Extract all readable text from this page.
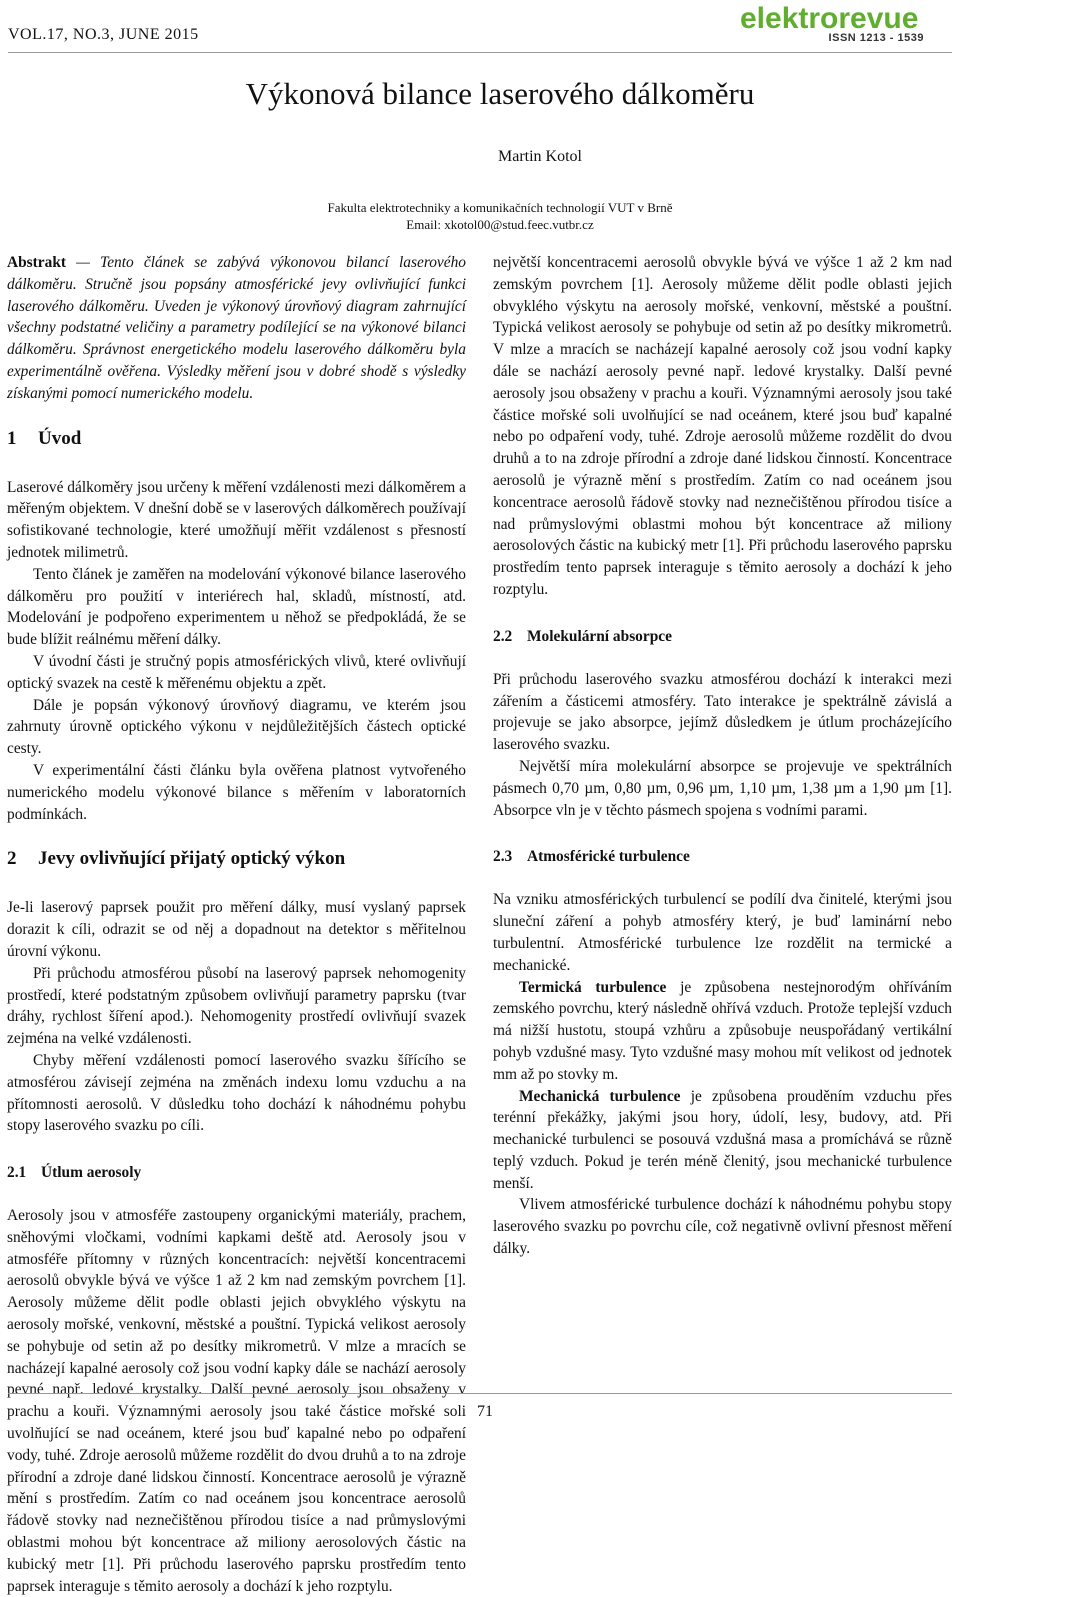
VOL.17, NO.3, JUNE 2015	elektrorevue
ISSN 1213 - 1539
Výkonová bilance laserového dálkoměru
Martin Kotol
Fakulta elektrotechniky a komunikačních technologií VUT v Brně
Email: xkotol00@stud.feec.vutbr.cz

Abstrakt — Tento článek se zabývá výkonovou bilancí laserového dálkoměru. Stručně jsou popsány atmosférické jevy ovlivňující funkci laserového dálkoměru. Uveden je výkonový úrovňový diagram zahrnující všechny podstatné veličiny a parametry podílející se na výkonové bilanci dálkoměru. Správnost energetického modelu laserového dálkoměru byla experimentálně ověřena. Výsledky měření jsou v dobré shodě s výsledky získanými pomocí numerického modelu.

1 Úvod

Laserové dálkoměry jsou určeny k měření vzdálenosti mezi dálkoměrem a měřeným objektem. V dnešní době se v laserových dálkoměrech používají sofistikované technologie, které umožňují měřit vzdálenost s přesností jednotek milimetrů.

Tento článek je zaměřen na modelování výkonové bilance laserového dálkoměru pro použití v interiérech hal, skladů, místností, atd. Modelování je podpořeno experimentem u něhož se předpokládá, že se bude blížit reálnému měření dálky.

V úvodní části je stručný popis atmosférických vlivů, které ovlivňují optický svazek na cestě k měřenému objektu a zpět.

Dále je popsán výkonový úrovňový diagramu, ve kterém jsou zahrnuty úrovně optického výkonu v nejdůležitějších částech optické cesty.

V experimentální části článku byla ověřena platnost vytvořeného numerického modelu výkonové bilance s měřením v laboratorních podmínkách.

2 Jevy ovlivňující přijatý optický výkon

Je-li laserový paprsek použit pro měření dálky, musí vyslaný paprsek dorazit k cíli, odrazit se od něj a dopadnout na detektor s měřitelnou úrovní výkonu.

Při průchodu atmosférou působí na laserový paprsek nehomogenity prostředí, které podstatným způsobem ovlivňují parametry paprsku (tvar dráhy, rychlost šíření apod.). Nehomogenity prostředí ovlivňují svazek zejména na velké vzdálenosti.

Chyby měření vzdálenosti pomocí laserového svazku šířícího se atmosférou závisejí zejména na změnách indexu lomu vzduchu a na přítomnosti aerosolů. V důsledku toho dochází k náhodnému pohybu stopy laserového svazku po cíli.

2.1 Útlum aerosoly

Aerosoly jsou v atmosféře zastoupeny organickými materiály, prachem, sněhovými vločkami, vodními kapkami deště atd. Aerosoly jsou v atmosféře přítomny v různých koncentracích: největší koncentracemi aerosolů obvykle bývá ve výšce 1 až 2 km nad zemským povrchem [1]. Aerosoly můžeme dělit podle oblasti jejich obvyklého výskytu na aerosoly mořské, venkovní, městské a pouštní. Typická velikost aerosoly se pohybuje od setin až po desítky mikrometrů. V mlze a mracích se nacházejí kapalné aerosoly což jsou vodní kapky dále se nachází aerosoly pevné např. ledové krystalky. Další pevné aerosoly jsou obsaženy v prachu a kouři. Významnými aerosoly jsou také částice mořské soli uvolňující se nad oceánem, které jsou buď kapalné nebo po odpaření vody, tuhé. Zdroje aerosolů můžeme rozdělit do dvou druhů a to na zdroje přírodní a zdroje dané lidskou činností. Koncentrace aerosolů je výrazně mění s prostředím. Zatím co nad oceánem jsou koncentrace aerosolů řádově stovky nad neznečištěnou přírodou tisíce a nad průmyslovými oblastmi mohou být koncentrace až miliony aerosolových částic na kubický metr [1]. Při průchodu laserového paprsku prostředím tento paprsek interaguje s těmito aerosoly a dochází k jeho rozptylu.

největší koncentracemi aerosolů obvykle bývá ve výšce 1 až 2 km nad zemským povrchem [1]. Aerosoly můžeme dělit podle oblasti jejich obvyklého výskytu na aerosoly mořské, venkovní, městské a pouštní. Typická velikost aerosoly se pohybuje od setin až po desítky mikrometrů. V mlze a mracích se nacházejí kapalné aerosoly což jsou vodní kapky dále se nachází aerosoly pevné např. ledové krystalky. Další pevné aerosoly jsou obsaženy v prachu a kouři. Významnými aerosoly jsou také částice mořské soli uvolňující se nad oceánem, které jsou buď kapalné nebo po odpaření vody, tuhé. Zdroje aerosolů můžeme rozdělit do dvou druhů a to na zdroje přírodní a zdroje dané lidskou činností. Koncentrace aerosolů je výrazně mění s prostředím. Zatím co nad oceánem jsou koncentrace aerosolů řádově stovky nad neznečištěnou přírodou tisíce a nad průmyslovými oblastmi mohou být koncentrace až miliony aerosolových částic na kubický metr [1]. Při průchodu laserového paprsku prostředím tento paprsek interaguje s těmito aerosoly a dochází k jeho rozptylu.

2.2 Molekulární absorpce

Při průchodu laserového svazku atmosférou dochází k interakci mezi zářením a částicemi atmosféry. Tato interakce je spektrálně závislá a projevuje se jako absorpce, jejímž důsledkem je útlum procházejícího laserového svazku.

Největší míra molekulární absorpce se projevuje ve spektrálních pásmech 0,70 µm, 0,80 µm, 0,96 µm, 1,10 µm, 1,38 µm a 1,90 µm [1]. Absorpce vln je v těchto pásmech spojena s vodními parami.

2.3 Atmosférické turbulence

Na vzniku atmosférických turbulencí se podílí dva činitelé, kterými jsou sluneční záření a pohyb atmosféry který, je buď laminární nebo turbulentní. Atmosférické turbulence lze rozdělit na termické a mechanické.

Termická turbulence je způsobena nestejnorodým ohříváním zemského povrchu, který následně ohřívá vzduch. Protože teplejší vzduch má nižší hustotu, stoupá vzhůru a způsobuje neuspořádaný vertikální pohyb vzdušné masy. Tyto vzdušné masy mohou mít velikost od jednotek mm až po stovky m.

Mechanická turbulence je způsobena prouděním vzduchu přes terénní překážky, jakými jsou hory, údolí, lesy, budovy, atd. Při mechanické turbulenci se posouvá vzdušná masa a promíchává se různě teplý vzduch. Pokud je terén méně členitý, jsou mechanické turbulence menší.

Vlivem atmosférické turbulence dochází k náhodnému pohybu stopy laserového svazku po povrchu cíle, což negativně ovlivní přesnost měření dálky.

71
